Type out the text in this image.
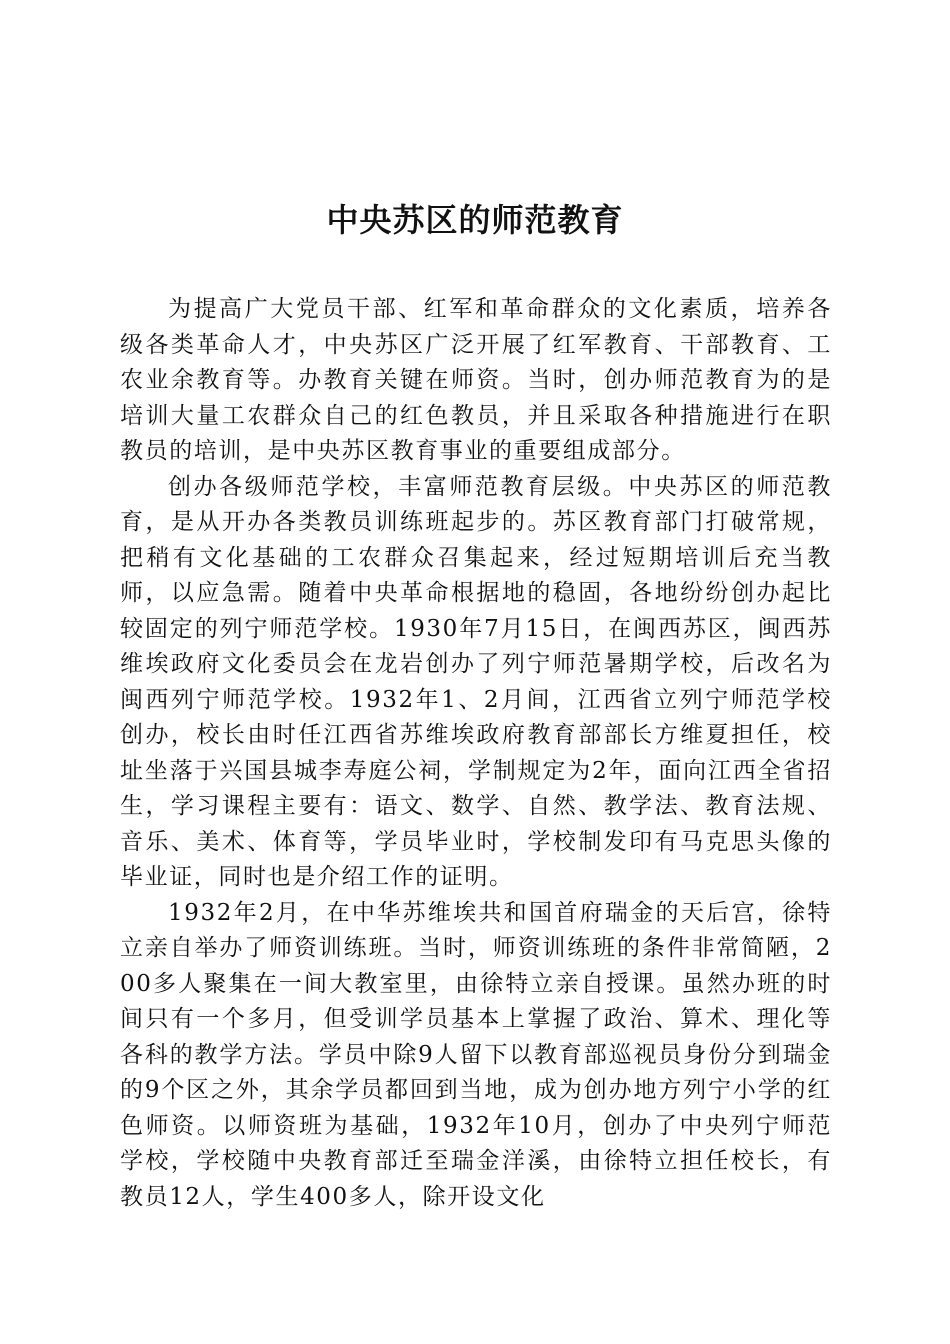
中央苏区的师范教育

为提高广大党员干部、红军和革命群众的文化素质，培养各级各类革命人才，中央苏区广泛开展了红军教育、干部教育、工农业余教育等。办教育关键在师资。当时，创办师范教育为的是培训大量工农群众自己的红色教员，并且采取各种措施进行在职教员的培训，是中央苏区教育事业的重要组成部分。

创办各级师范学校，丰富师范教育层级。中央苏区的师范教育，是从开办各类教员训练班起步的。苏区教育部门打破常规，把稍有文化基础的工农群众召集起来，经过短期培训后充当教师，以应急需。随着中央革命根据地的稳固，各地纷纷创办起比较固定的列宁师范学校。1930年7月15日，在闽西苏区，闽西苏维埃政府文化委员会在龙岩创办了列宁师范暑期学校，后改名为闽西列宁师范学校。1932年1、2月间，江西省立列宁师范学校创办，校长由时任江西省苏维埃政府教育部部长方维夏担任，校址坐落于兴国县城李寿庭公祠，学制规定为2年，面向江西全省招生，学习课程主要有：语文、数学、自然、教学法、教育法规、音乐、美术、体育等，学员毕业时，学校制发印有马克思头像的毕业证，同时也是介绍工作的证明。

1932年2月，在中华苏维埃共和国首府瑞金的天后宫，徐特立亲自举办了师资训练班。当时，师资训练班的条件非常简陋，200多人聚集在一间大教室里，由徐特立亲自授课。虽然办班的时间只有一个多月，但受训学员基本上掌握了政治、算术、理化等各科的教学方法。学员中除9人留下以教育部巡视员身份分到瑞金的9个区之外，其余学员都回到当地，成为创办地方列宁小学的红色师资。以师资班为基础，1932年10月，创办了中央列宁师范学校，学校随中央教育部迁至瑞金洋溪，由徐特立担任校长，有教员12人，学生400多人，除开设文化
